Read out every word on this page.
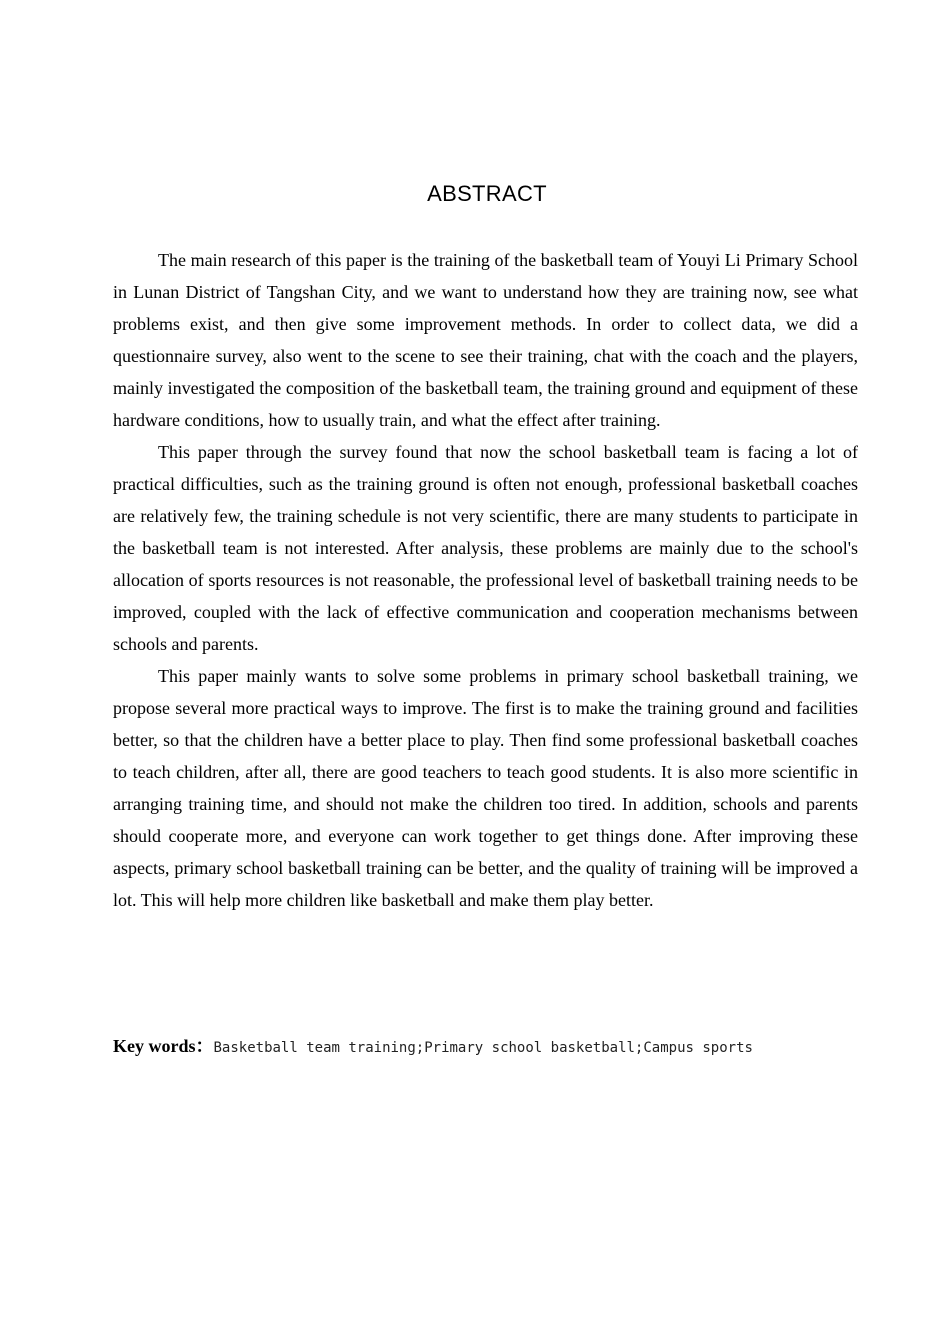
ABSTRACT

The main research of this paper is the training of the basketball team of Youyi Li Primary School in Lunan District of Tangshan City, and we want to understand how they are training now, see what problems exist, and then give some improvement methods. In order to collect data, we did a questionnaire survey, also went to the scene to see their training, chat with the coach and the players, mainly investigated the composition of the basketball team, the training ground and equipment of these hardware conditions, how to usually train, and what the effect after training.

This paper through the survey found that now the school basketball team is facing a lot of practical difficulties, such as the training ground is often not enough, professional basketball coaches are relatively few, the training schedule is not very scientific, there are many students to participate in the basketball team is not interested. After analysis, these problems are mainly due to the school's allocation of sports resources is not reasonable, the professional level of basketball training needs to be improved, coupled with the lack of effective communication and cooperation mechanisms between schools and parents.

This paper mainly wants to solve some problems in primary school basketball training, we propose several more practical ways to improve. The first is to make the training ground and facilities better, so that the children have a better place to play. Then find some professional basketball coaches to teach children, after all, there are good teachers to teach good students. It is also more scientific in arranging training time, and should not make the children too tired. In addition, schools and parents should cooperate more, and everyone can work together to get things done. After improving these aspects, primary school basketball training can be better, and the quality of training will be improved a lot. This will help more children like basketball and make them play better.

Key words：Basketball team training;Primary school basketball;Campus sports
